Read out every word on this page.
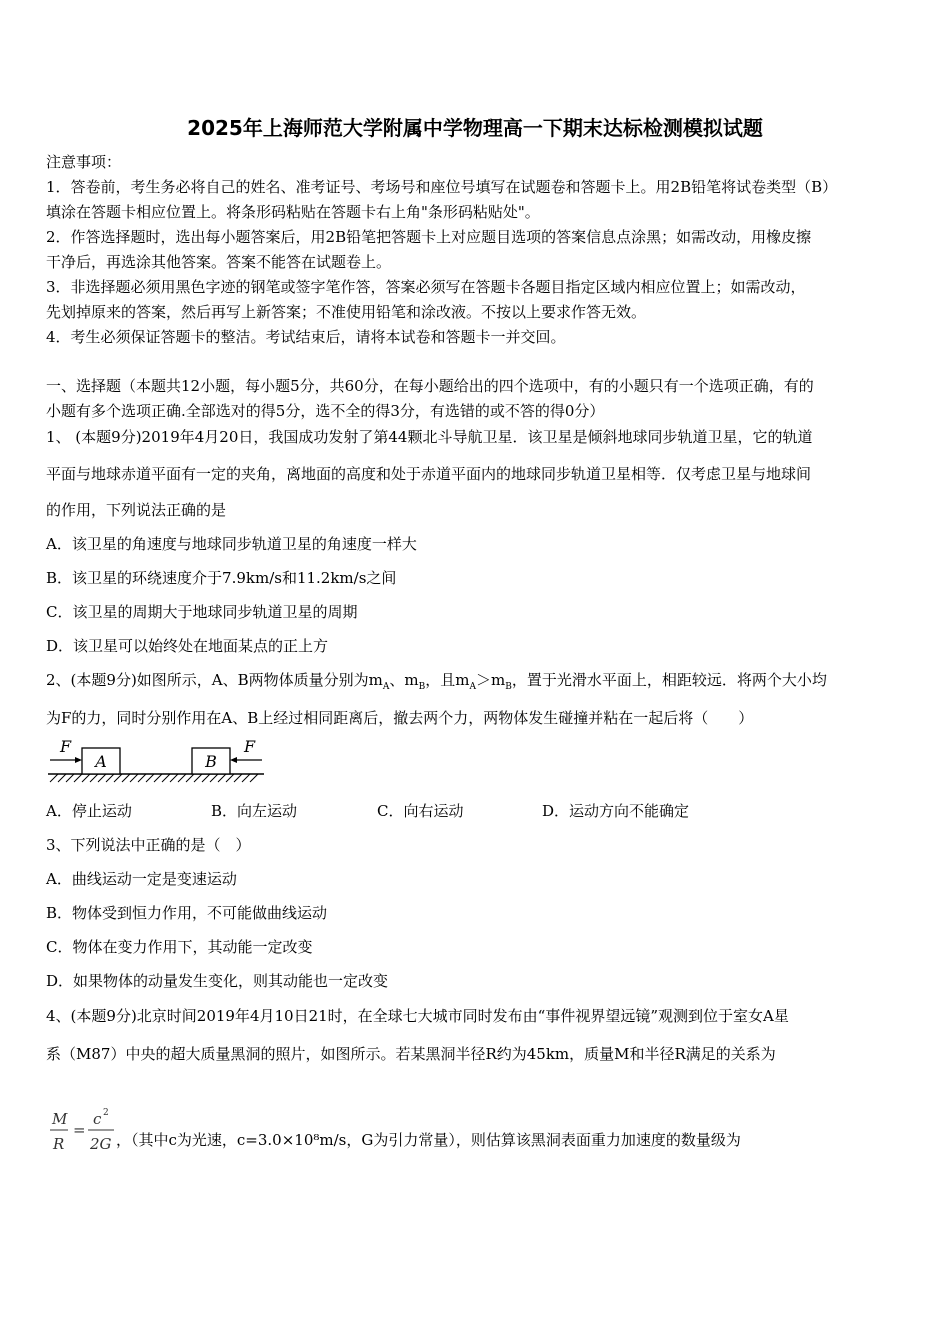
2025年上海师范大学附属中学物理高一下期末达标检测模拟试题
注意事项：
1．答卷前，考生务必将自己的姓名、准考证号、考场号和座位号填写在试题卷和答题卡上。用2B铅笔将试卷类型（B）
填涂在答题卡相应位置上。将条形码粘贴在答题卡右上角"条形码粘贴处"。
2．作答选择题时，选出每小题答案后，用2B铅笔把答题卡上对应题目选项的答案信息点涂黑；如需改动，用橡皮擦
干净后，再选涂其他答案。答案不能答在试题卷上。
3．非选择题必须用黑色字迹的钢笔或签字笔作答，答案必须写在答题卡各题目指定区域内相应位置上；如需改动，
先划掉原来的答案，然后再写上新答案；不准使用铅笔和涂改液。不按以上要求作答无效。
4．考生必须保证答题卡的整洁。考试结束后，请将本试卷和答题卡一并交回。
一、选择题（本题共12小题，每小题5分，共60分，在每小题给出的四个选项中，有的小题只有一个选项正确，有的
小题有多个选项正确.全部选对的得5分，选不全的得3分，有选错的或不答的得0分）
1、 (本题9分)2019年4月20日，我国成功发射了第44颗北斗导航卫星．该卫星是倾斜地球同步轨道卫星，它的轨道
平面与地球赤道平面有一定的夹角，离地面的高度和处于赤道平面内的地球同步轨道卫星相等．仅考虑卫星与地球间
的作用，下列说法正确的是
A．该卫星的角速度与地球同步轨道卫星的角速度一样大
B．该卫星的环绕速度介于7.9km/s和11.2km/s之间
C．该卫星的周期大于地球同步轨道卫星的周期
D．该卫星可以始终处在地面某点的正上方
2、(本题9分)如图所示，A、B两物体质量分别为$m_A$、$m_B$，且$m_A>m_B$，置于光滑水平面上，相距较远．将两个大小均
为F的力，同时分别作用在A、B上经过相同距离后，撤去两个力，两物体发生碰撞并粘在一起后将（　　）
A
F
B
F
A．停止运动	B．向左运动	C．向右运动	D．运动方向不能确定
3、下列说法中正确的是（　）
A．曲线运动一定是变速运动
B．物体受到恒力作用，不可能做曲线运动
C．物体在变力作用下，其动能一定改变
D．如果物体的动量发生变化，则其动能也一定改变
4、(本题9分)北京时间2019年4月10日21时，在全球七大城市同时发布由“事件视界望远镜”观测到位于室女A星
系（M87）中央的超大质量黑洞的照片，如图所示。若某黑洞半径R约为45km，质量M和半径R满足的关系为
M
R
=
c 2
2G ，（其中c为光速，c=3.0×10⁸m/s，G为引力常量），则估算该黑洞表面重力加速度的数量级为
